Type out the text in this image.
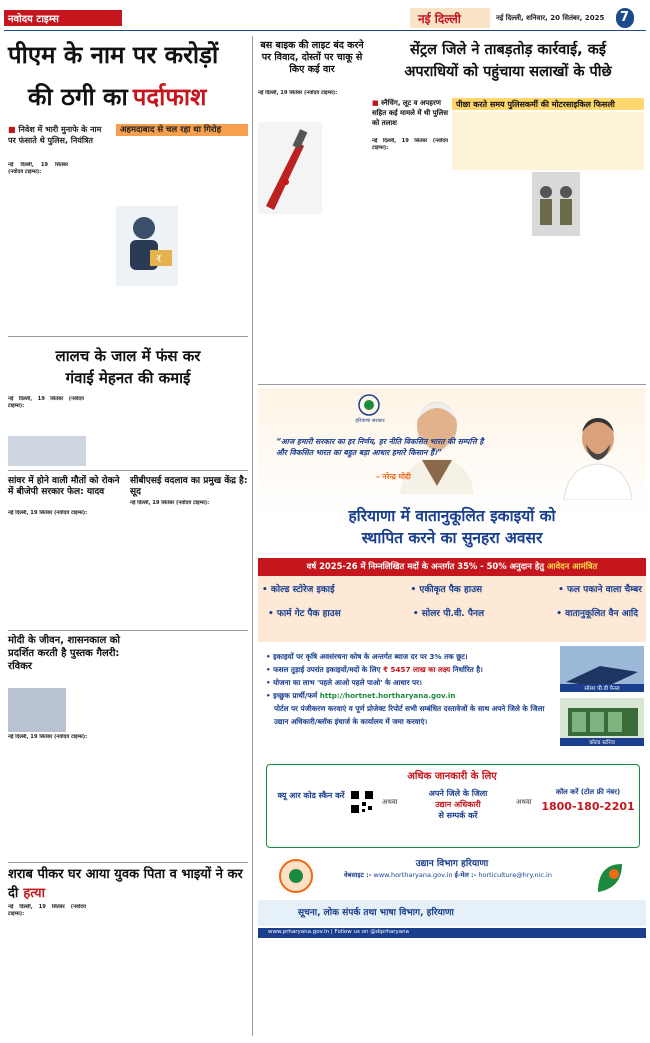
नवोदय टाइम्स	नई दिल्ली	नई दिल्ली, शनिवार, 20 सितंबर, 2025 7
पीएम के नाम पर करोड़ों
की ठगी का पर्दाफाश
■ निवेश में भारी मुनाफे के नाम पर फंसाते थे पुलिस, नियंत्रित
अहमदाबाद से चल रहा था गिरोह
नई दिल्ली, 19 सितंबर (नवोदय टाइम्स):
₹
लालच के जाल में फंस कर
गंवाई मेहनत की कमाई
नई दिल्ली, 19 सितंबर (नवोदय टाइम्स):
सांवर में होने वाली मौतों को रोकने में बीजेपी सरकार फेल: यादव
नई दिल्ली, 19 सितंबर (नवोदय टाइम्स):
सीबीएसई वदलाव का प्रमुख केंद्र है: सूद
नई दिल्ली, 19 सितंबर (नवोदय टाइम्स):
मोदी के जीवन, शासनकाल को प्रदर्शित करती है पुस्तक गैलरी: रविकर
नई दिल्ली, 19 सितंबर (नवोदय टाइम्स):
शराब पीकर घर आया युवक पिता व भाइयों ने कर दी हत्या
नई दिल्ली, 19 सितंबर (नवोदय टाइम्स):
बस बाइक की लाइट बंद करने पर विवाद, दोस्तों पर चाकू से किए कई वार
नई दिल्ली, 19 सितंबर (नवोदय टाइम्स):
सेंट्रल जिले ने ताबड़तोड़ कार्रवाई, कई
अपराधियों को पहुंचाया सलाखों के पीछे
■ स्नैचिंग, लूट व अपहरण सहित कई मामले में थी पुलिस को तलाश
नई दिल्ली, 19 सितंबर (नवोदय टाइम्स):
पीछा करते समय पुलिसकर्मी की मोटरसाइकिल फिसली
हरियाणा सरकार
“आज हमारी सरकार का हर निर्णय, हर नीति विकसित भारत की सम्पत्ति है और विकसित भारत का बहुत बड़ा आधार हमारे किसान हैं।”
– नरेन्द्र मोदी
हरियाणा में वातानुकूलित इकाइयों को
स्थापित करने का सुनहरा अवसर
वर्ष 2025-26 में निम्नलिखित मदों के अन्तर्गत 35% - 50% अनुदान हेतु आवेदन आमंत्रित
• कोल्ड स्टोरेज इकाई	• एकीकृत पैक हाउस	• फल पकाने वाला चैम्बर
• फार्म गेट पैक हाउस	• सोलर पी.वी. पैनल	• वातानुकूलित वैन आदि
• इकाइयों पर कृषि अवसंरचना कोष के अन्तर्गत ब्याज दर पर 3% तक छूट।
• फसल तुड़ाई उपरांत इकाइयों/मदों के लिए ₹ 5457 लाख का लक्ष्य निर्धारित है।
• योजना का लाभ 'पहले आओ पहले पाओ' के आधार पर।
• इच्छुक प्रार्थी/फर्म http://hortnet.hortharyana.gov.in
पोर्टल पर पंजीकरण करवाएं व पूर्ण प्रोजेक्ट रिपोर्ट सभी सम्बंधित दस्तावेजों के साथ अपने जिले के जिला उद्यान अधिकारी/ब्लॉक इंचार्ज के कार्यालय में जमा करवाएं।
सोलर पी.वी पैनल
कोल्ड स्टोरेज
अधिक जानकारी के लिए
क्यू आर कोड स्कैन करें
अथवा
अपने जिले के जिला
उद्यान अधिकारी
से सम्पर्क करें
अथवा
कॉल करें (टोल फ्री नंबर)
1800-180-2201
उद्यान विभाग हरियाणा
वेबसाइट :- www.hortharyana.gov.in ई-मेल :- horticulture@hry.nic.in
सूचना, लोक संपर्क तथा भाषा विभाग, हरियाणा
www.prharyana.gov.in | Follow us on @diprharyana
